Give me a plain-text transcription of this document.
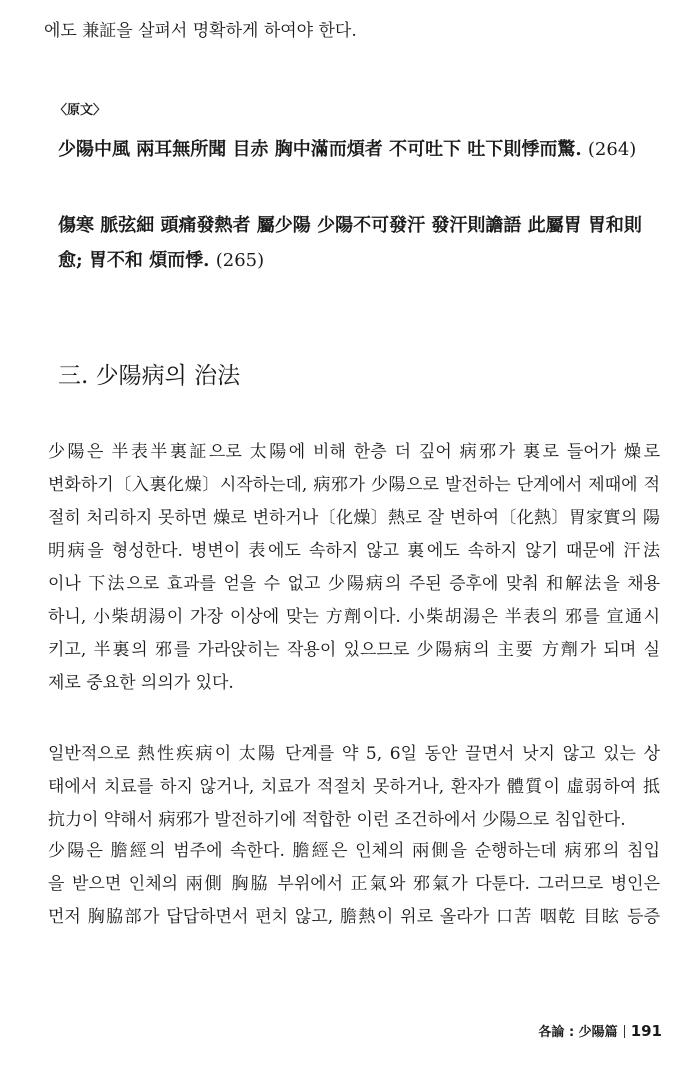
에도 兼証을 살펴서 명확하게 하여야 한다.
〈原文〉
少陽中風 兩耳無所聞 目赤 胸中滿而煩者 不可吐下 吐下則悸而驚. (264)
傷寒 脈弦細 頭痛發熱者 屬少陽 少陽不可發汗 發汗則譫語 此屬胃 胃和則
愈; 胃不和 煩而悸. (265)
三. 少陽病의 治法
少陽은 半表半裏証으로 太陽에 비해 한층 더 깊어 病邪가 裏로 들어가 燥로
변화하기〔入裏化燥〕시작하는데, 病邪가 少陽으로 발전하는 단계에서 제때에 적
절히 처리하지 못하면 燥로 변하거나〔化燥〕熱로 잘 변하여〔化熱〕胃家實의 陽
明病을 형성한다. 병변이 表에도 속하지 않고 裏에도 속하지 않기 때문에 汗法
이나 下法으로 효과를 얻을 수 없고 少陽病의 주된 증후에 맞춰 和解法을 채용
하니, 小柴胡湯이 가장 이상에 맞는 方劑이다. 小柴胡湯은 半表의 邪를 宣通시
키고, 半裏의 邪를 가라앉히는 작용이 있으므로 少陽病의 主要 方劑가 되며 실
제로 중요한 의의가 있다.
일반적으로 熱性疾病이 太陽 단계를 약 5, 6일 동안 끌면서 낫지 않고 있는 상
태에서 치료를 하지 않거나, 치료가 적절치 못하거나, 환자가 體質이 虛弱하여 抵
抗力이 약해서 病邪가 발전하기에 적합한 이런 조건하에서 少陽으로 침입한다.
少陽은 膽經의 범주에 속한다. 膽經은 인체의 兩側을 순행하는데 病邪의 침입
을 받으면 인체의 兩側 胸脇 부위에서 正氣와 邪氣가 다툰다. 그러므로 병인은
먼저 胸脇部가 답답하면서 편치 않고, 膽熱이 위로 올라가 口苦 咽乾 目眩 등증
各論 : 少陽篇 191
